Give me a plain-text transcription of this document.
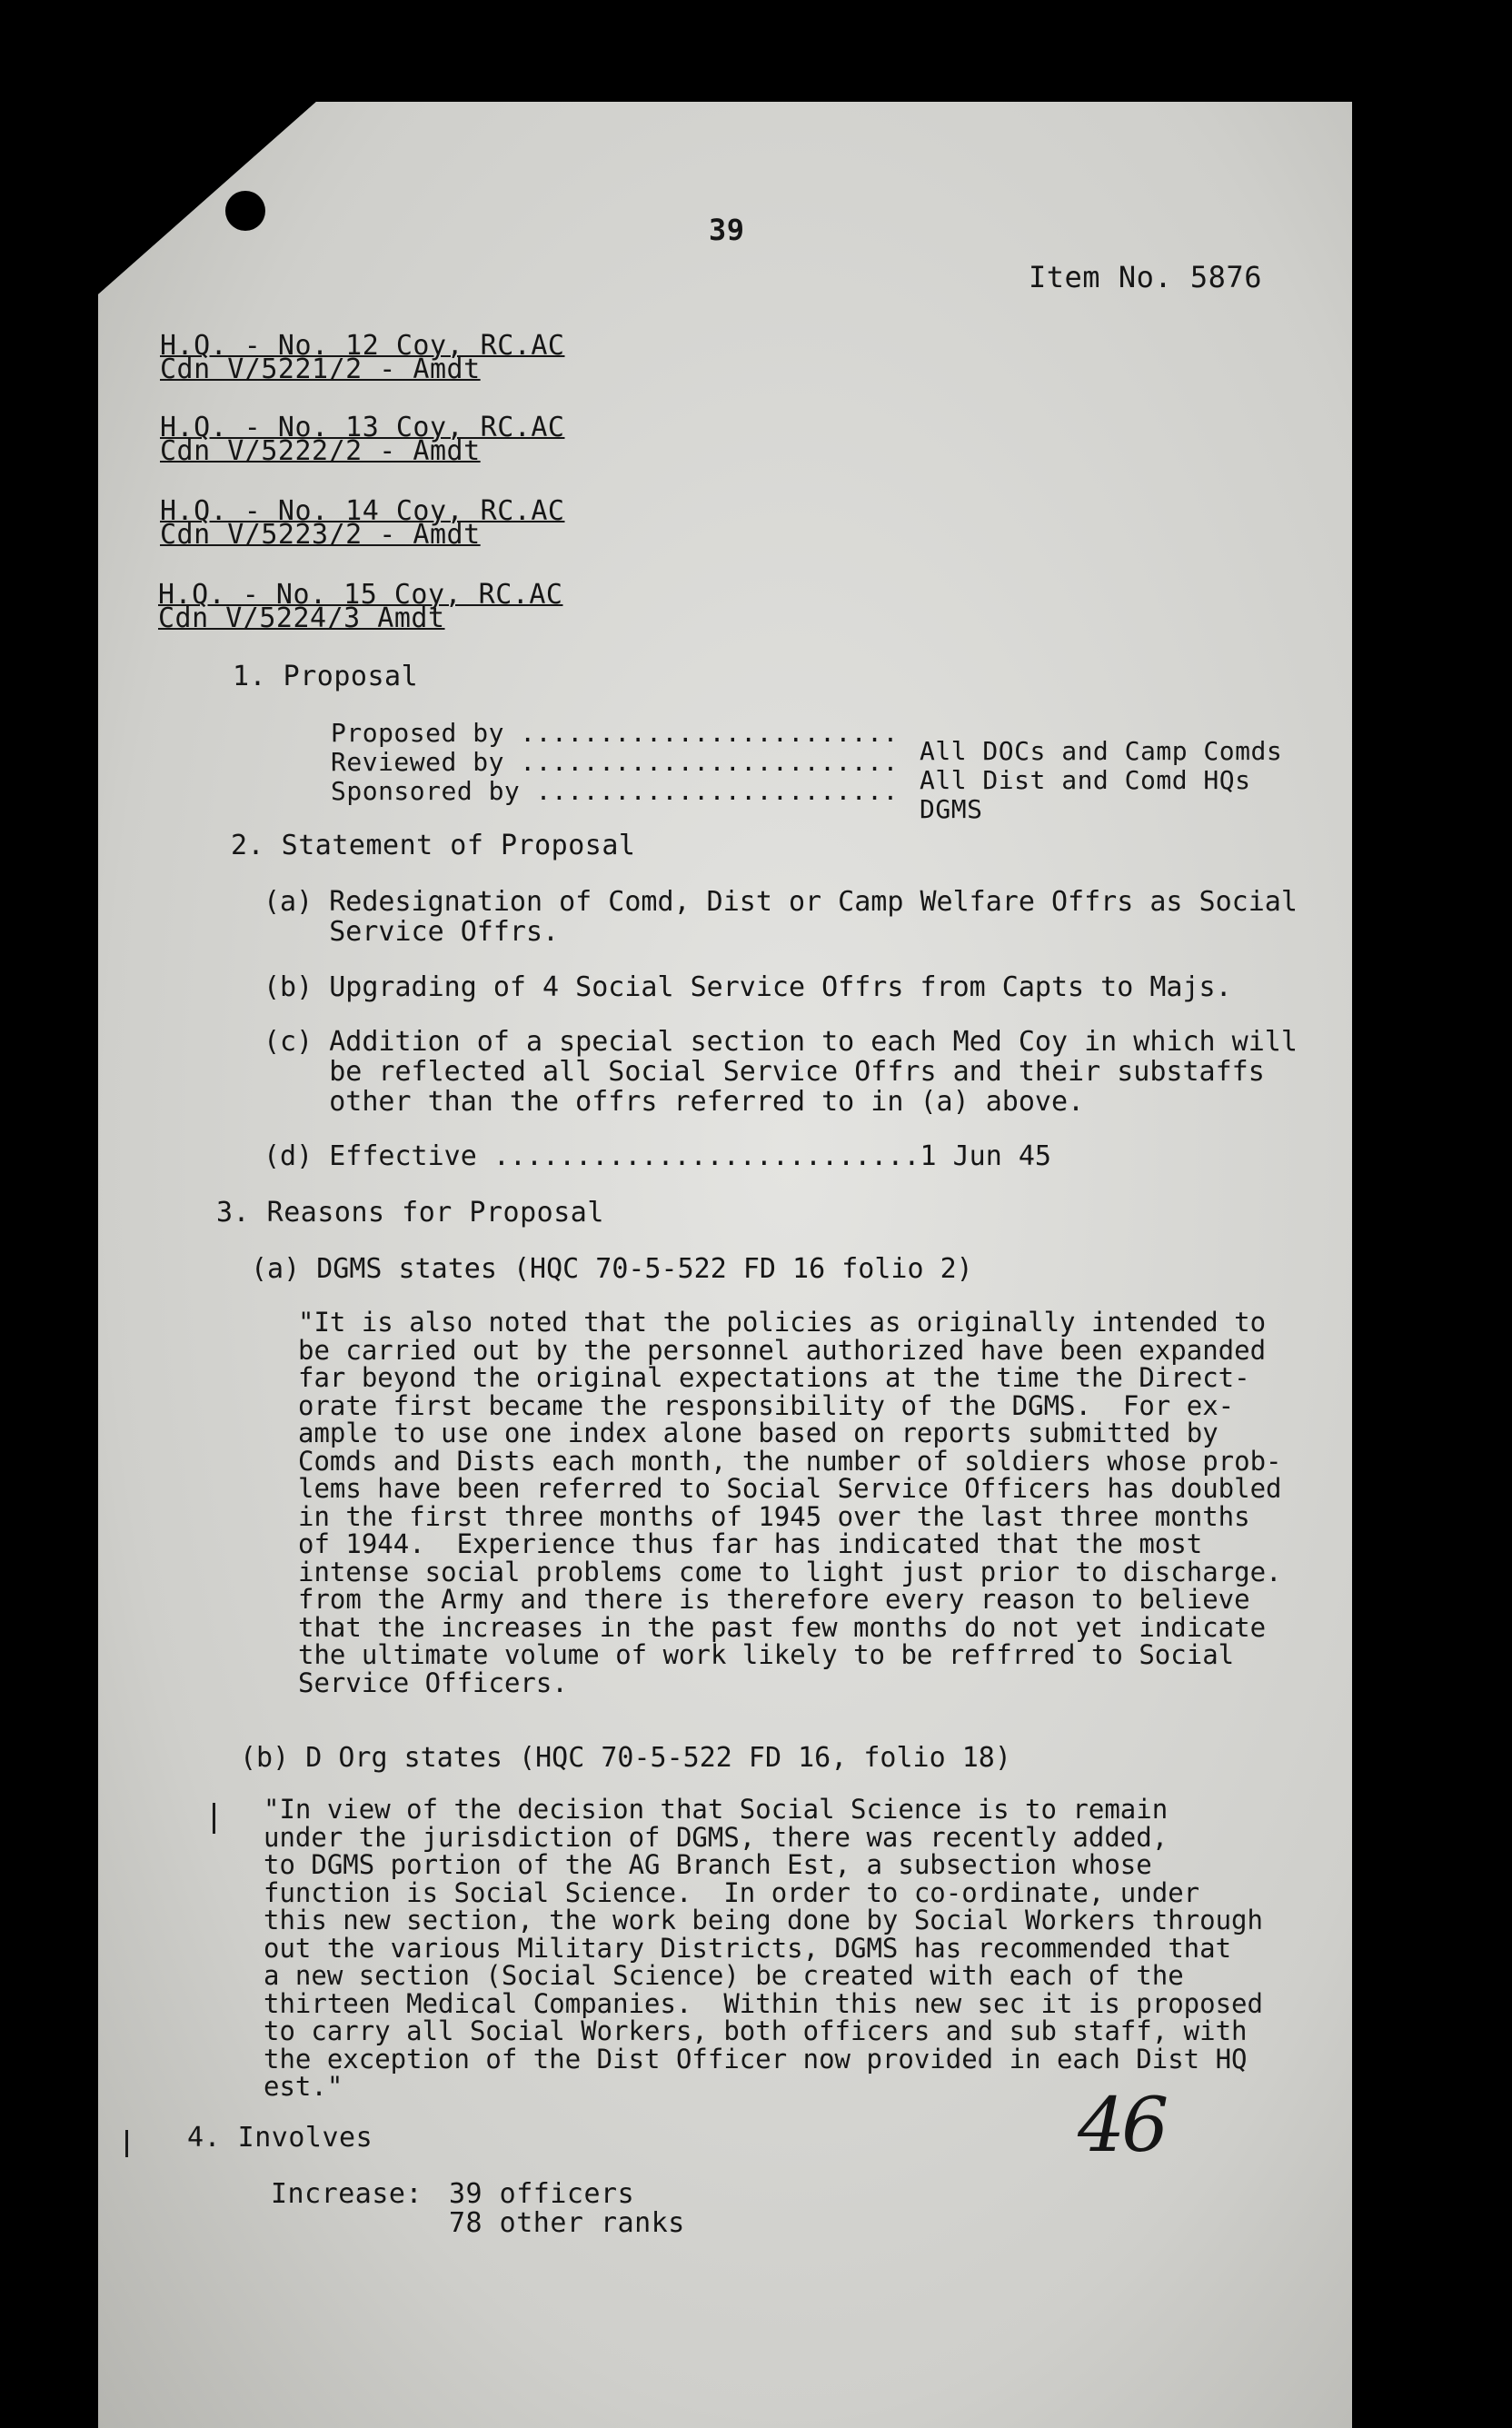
39
Item No. 5876
H.Q. - No. 12 Coy, RC.AC
Cdn V/5221/2 - Amdt
H.Q. - No. 13 Coy, RC.AC
Cdn V/5222/2 - Amdt
H.Q. - No. 14 Coy, RC.AC
Cdn V/5223/2 - Amdt
H.Q. - No. 15 Coy, RC.AC
Cdn V/5224/3 Amdt
1. Proposal
Proposed by ........................
All DOCs and Camp Comds
Reviewed by ........................
All Dist and Comd HQs
Sponsored by .......................
DGMS
2. Statement of Proposal
(a) Redesignation of Comd, Dist or Camp Welfare Offrs as Social
Service Offrs.
(b) Upgrading of 4 Social Service Offrs from Capts to Majs.
(c) Addition of a special section to each Med Coy in which will
be reflected all Social Service Offrs and their substaffs
other than the offrs referred to in (a) above.
(d) Effective ..........................1 Jun 45
3. Reasons for Proposal
(a) DGMS states (HQC 70-5-522 FD 16 folio 2)
"It is also noted that the policies as originally intended to
be carried out by the personnel authorized have been expanded
far beyond the original expectations at the time the Direct-
orate first became the responsibility of the DGMS.  For ex-
ample to use one index alone based on reports submitted by
Comds and Dists each month, the number of soldiers whose prob-
lems have been referred to Social Service Officers has doubled
in the first three months of 1945 over the last three months
of 1944.  Experience thus far has indicated that the most
intense social problems come to light just prior to discharge.
from the Army and there is therefore every reason to believe
that the increases in the past few months do not yet indicate
the ultimate volume of work likely to be reffrred to Social
Service Officers.
(b) D Org states (HQC 70-5-522 FD 16, folio 18)
"In view of the decision that Social Science is to remain
under the jurisdiction of DGMS, there was recently added,
to DGMS portion of the AG Branch Est, a subsection whose
function is Social Science.  In order to co-ordinate, under
this new section, the work being done by Social Workers through
out the various Military Districts, DGMS has recommended that
a new section (Social Science) be created with each of the
thirteen Medical Companies.  Within this new sec it is proposed
to carry all Social Workers, both officers and sub staff, with
the exception of the Dist Officer now provided in each Dist HQ
est."
4. Involves
Increase: 39 officers
78 other ranks
46
